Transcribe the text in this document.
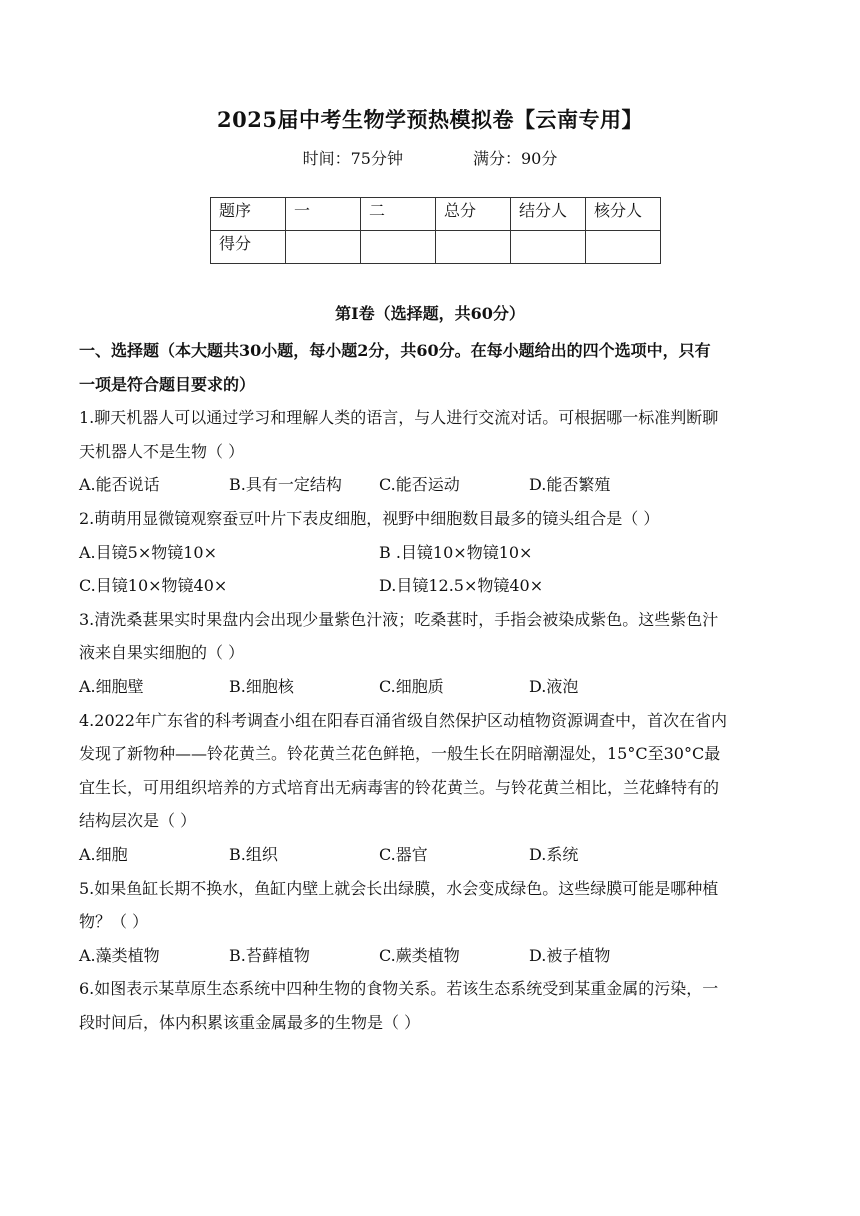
2025届中考生物学预热模拟卷【云南专用】
时间：75分钟	满分：90分
题序	一	二	总分	结分人	核分人
得分					
第Ⅰ卷（选择题，共60分）

一、选择题（本大题共30小题，每小题2分，共60分。在每小题给出的四个选项中，只有

一项是符合题目要求的）

1.聊天机器人可以通过学习和理解人类的语言，与人进行交流对话。可根据哪一标准判断聊

天机器人不是生物（ ）

A.能否说话	B.具有一定结构	C.能否运动	D.能否繁殖

2.萌萌用显微镜观察蚕豆叶片下表皮细胞，视野中细胞数目最多的镜头组合是（ ）

A.目镜5×物镜10×	B .目镜10×物镜10×
C.目镜10×物镜40×	D.目镜12.5×物镜40×

3.清洗桑葚果实时果盘内会出现少量紫色汁液；吃桑葚时，手指会被染成紫色。这些紫色汁

液来自果实细胞的（ ）

A.细胞壁	B.细胞核	C.细胞质	D.液泡

4.2022年广东省的科考调查小组在阳春百涌省级自然保护区动植物资源调查中，首次在省内

发现了新物种——铃花黄兰。铃花黄兰花色鲜艳，一般生长在阴暗潮湿处，15°C至30°C最

宜生长，可用组织培养的方式培育出无病毒害的铃花黄兰。与铃花黄兰相比，兰花蜂特有的

结构层次是（ ）

A.细胞	B.组织	C.器官	D.系统

5.如果鱼缸长期不换水，鱼缸内壁上就会长出绿膜，水会变成绿色。这些绿膜可能是哪种植

物？（ ）

A.藻类植物	B.苔藓植物	C.蕨类植物	D.被子植物

6.如图表示某草原生态系统中四种生物的食物关系。若该生态系统受到某重金属的污染，一

段时间后，体内积累该重金属最多的生物是（ ）
